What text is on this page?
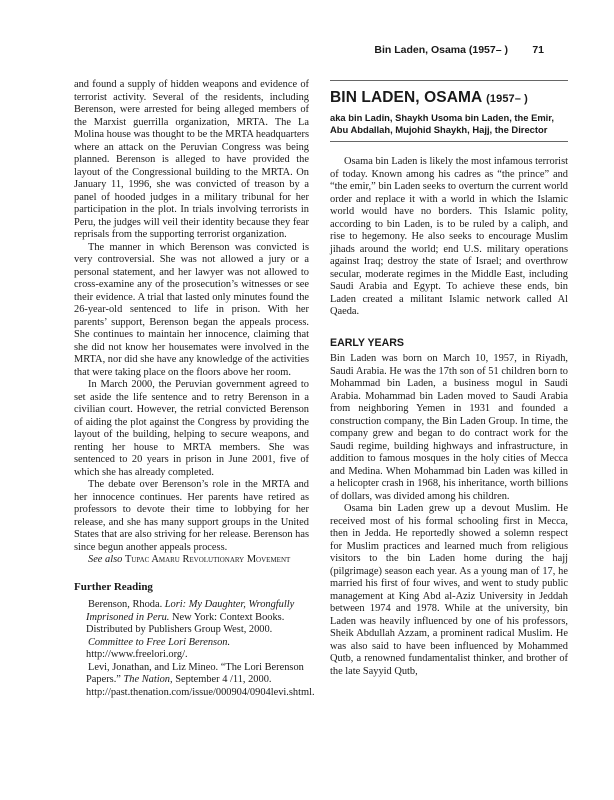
Bin Laden, Osama (1957– ) 71

and found a supply of hidden weapons and evidence of terrorist activity. Several of the residents, including Berenson, were arrested for being alleged members of the Marxist guerrilla organization, MRTA. The La Molina house was thought to be the MRTA headquarters where an attack on the Peruvian Congress was being planned. Berenson is alleged to have provided the layout of the Congressional building to the MRTA. On January 11, 1996, she was convicted of treason by a panel of hooded judges in a military tribunal for her participation in the plot. In trials involving terrorists in Peru, the judges will veil their identity because they fear reprisals from the supporting terrorist organization.

The manner in which Berenson was convicted is very controversial. She was not allowed a jury or a personal statement, and her lawyer was not allowed to cross-examine any of the prosecution’s witnesses or see their evidence. A trial that lasted only minutes found the 26-year-old sentenced to life in prison. With her parents’ support, Berenson began the appeals process. She continues to maintain her innocence, claiming that she did not know her housemates were involved in the MRTA, nor did she have any knowledge of the activities that were taking place on the floors above her room.

In March 2000, the Peruvian government agreed to set aside the life sentence and to retry Berenson in a civilian court. However, the retrial convicted Berenson of aiding the plot against the Congress by providing the layout of the building, helping to secure weapons, and renting her house to MRTA members. She was sentenced to 20 years in prison in June 2001, five of which she has already completed.

The debate over Berenson’s role in the MRTA and her innocence continues. Her parents have retired as professors to devote their time to lobbying for her release, and she has many support groups in the United States that are also striving for her release. Berenson has since begun another appeals process.

See also Tupac Amaru Revolutionary Movement

Further Reading

Berenson, Rhoda. Lori: My Daughter, Wrongfully Imprisoned in Peru. New York: Context Books. Distributed by Publishers Group West, 2000.

Committee to Free Lori Berenson. http://www.freelori.org/.

Levi, Jonathan, and Liz Mineo. “The Lori Berenson Papers.” The Nation, September 4 /11, 2000. http://past.thenation.com/issue/000904/0904levi.shtml.

BIN LADEN, OSAMA (1957– )
aka bin Ladin, Shaykh Usoma bin Laden, the Emir, Abu Abdallah, Mujohid Shaykh, Hajj, the Director

Osama bin Laden is likely the most infamous terrorist of today. Known among his cadres as “the prince” and “the emir,” bin Laden seeks to overturn the current world order and replace it with a world in which the Islamic world would have no borders. This Islamic polity, according to bin Laden, is to be ruled by a caliph, and rise to hegemony. He also seeks to encourage Muslim jihads around the world; end U.S. military operations against Iraq; destroy the state of Israel; and overthrow secular, moderate regimes in the Middle East, including Saudi Arabia and Egypt. To achieve these ends, bin Laden created a militant Islamic network called Al Qaeda.

EARLY YEARS

Bin Laden was born on March 10, 1957, in Riyadh, Saudi Arabia. He was the 17th son of 51 children born to Mohammad bin Laden, a business mogul in Saudi Arabia. Mohammad bin Laden moved to Saudi Arabia from neighboring Yemen in 1931 and founded a construction company, the Bin Laden Group. In time, the company grew and began to do contract work for the Saudi regime, building highways and infrastructure, in addition to famous mosques in the holy cities of Mecca and Medina. When Mohammad bin Laden was killed in a helicopter crash in 1968, his inheritance, worth billions of dollars, was divided among his children.

Osama bin Laden grew up a devout Muslim. He received most of his formal schooling first in Mecca, then in Jedda. He reportedly showed a solemn respect for Muslim practices and learned much from religious visitors to the bin Laden home during the hajj (pilgrimage) season each year. As a young man of 17, he married his first of four wives, and went to study public management at King Abd al-Aziz University in Jeddah between 1974 and 1978. While at the university, bin Laden was heavily influenced by one of his professors, Sheik Abdullah Azzam, a prominent radical Muslim. He was also said to have been influenced by Mohammed Qutb, a renowned fundamentalist thinker, and brother of the late Sayyid Qutb,
